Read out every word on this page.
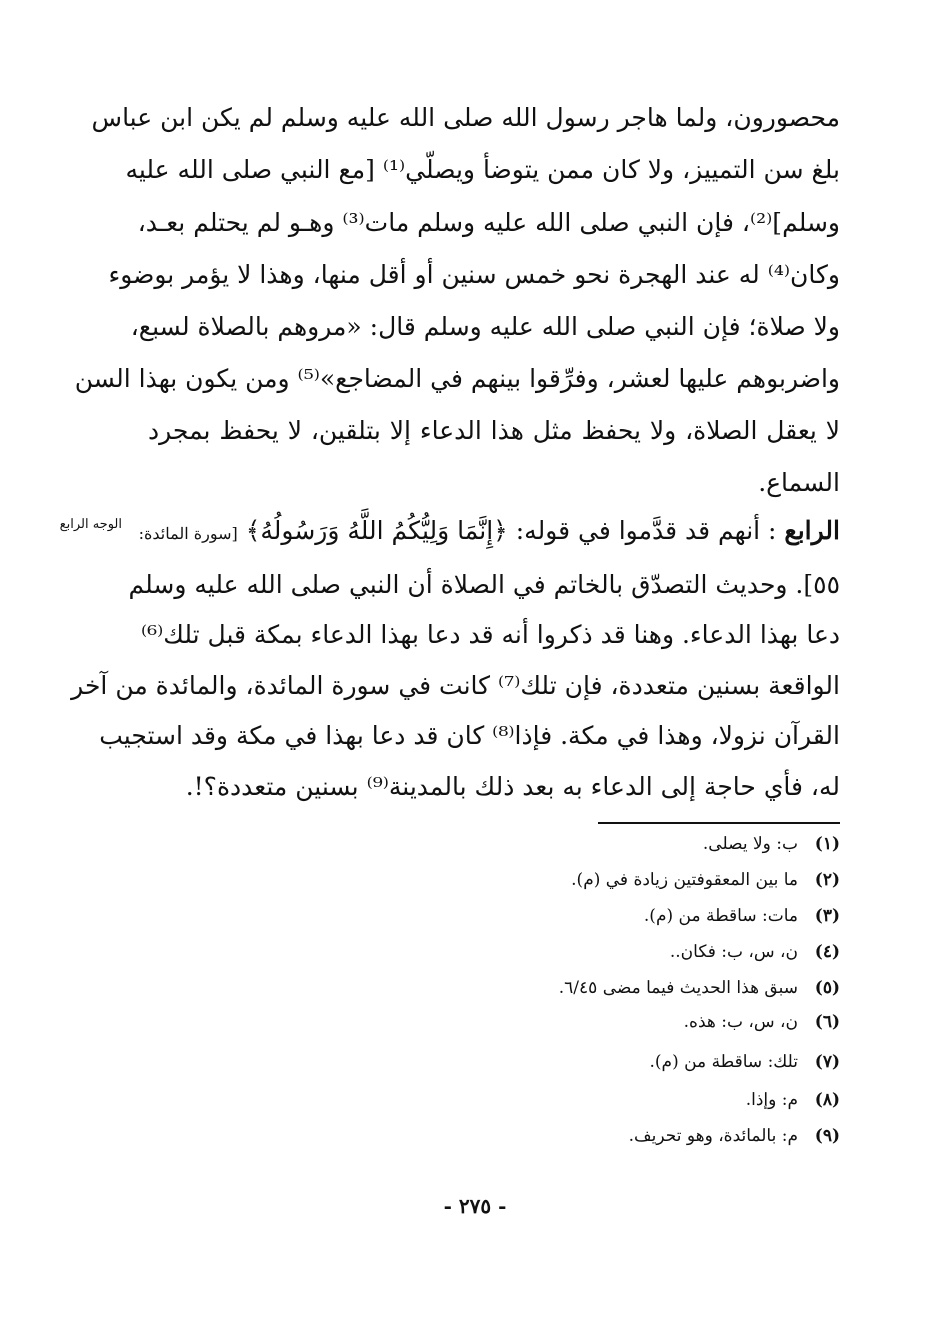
محصورون، ولما هاجر رسول الله صلى الله عليه وسلم لم يكن ابن عباس
بلغ سن التمييز، ولا كان ممن يتوضأ ويصلّي⁽¹⁾ [مع النبي صلى الله عليه
وسلم]⁽²⁾، فإن النبي صلى الله عليه وسلم مات⁽³⁾ وهـو لم يحتلم بعـد،
وكان⁽⁴⁾ له عند الهجرة نحو خمس سنين أو أقل منها، وهذا لا يؤمر بوضوء
ولا صلاة؛ فإن النبي صلى الله عليه وسلم قال: «مروهم بالصلاة لسبع،
واضربوهم عليها لعشر، وفرِّقوا بينهم في المضاجع»⁽⁵⁾ ومن يكون بهذا السن
لا يعقل الصلاة، ولا يحفظ مثل هذا الدعاء إلا بتلقين، لا يحفظ بمجرد
السماع.
الرابع : أنهم قد قدَّموا في قوله: ﴿إِنَّمَا وَلِيُّكُمُ اللَّهُ وَرَسُولُهُ﴾ [سورة المائدة:
الوجه الرابع
٥٥]. وحديث التصدّق بالخاتم في الصلاة أن النبي صلى الله عليه وسلم
دعا بهذا الدعاء. وهنا قد ذكروا أنه قد دعا بهذا الدعاء بمكة قبل تلك⁽⁶⁾
الواقعة بسنين متعددة، فإن تلك⁽⁷⁾ كانت في سورة المائدة، والمائدة من آخر
القرآن نزولا، وهذا في مكة. فإذا⁽⁸⁾ كان قد دعا بهذا في مكة وقد استجيب
له، فأي حاجة إلى الدعاء به بعد ذلك بالمدينة⁽⁹⁾ بسنين متعددة؟!.
(١)ب: ولا يصلى.
(٢)ما بين المعقوفتين زيادة في (م).
(٣)مات: ساقطة من (م).
(٤)ن، س، ب: فكان..
(٥)سبق هذا الحديث فيما مضى ٦/٤٥.
(٦)ن، س، ب: هذه.
(٧)تلك: ساقطة من (م).
(٨)م: وإذا.
(٩)م: بالمائدة، وهو تحريف.
- ٢٧٥ -
